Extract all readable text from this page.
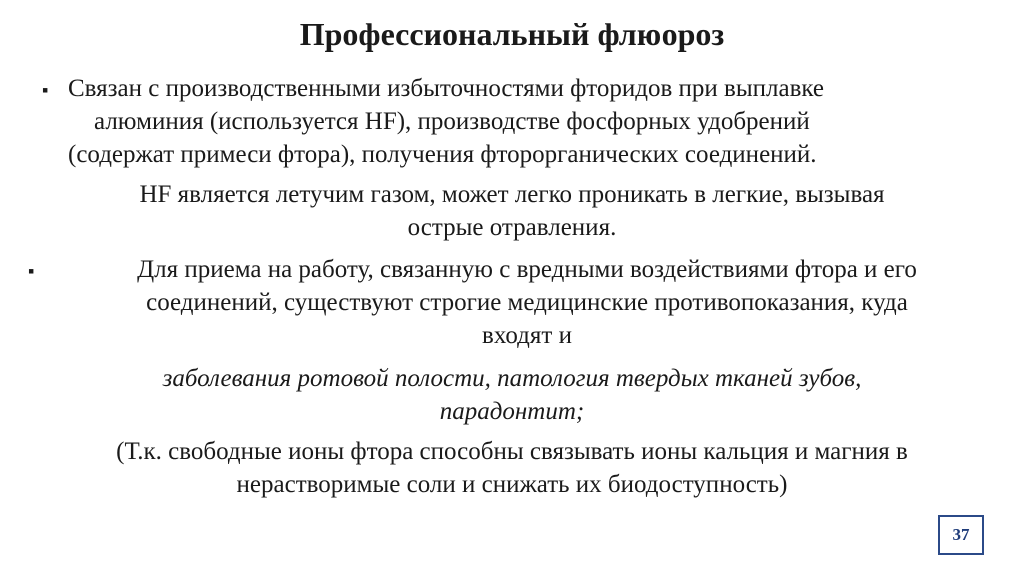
Профессиональный флюороз
▪ Связан с производственными избыточностями фторидов при выплавке
алюминия (используется HF), производстве фосфорных удобрений
(содержат примеси фтора), получения фторорганических соединений.
HF является летучим газом, может легко проникать в легкие, вызывая
острые отравления.
▪	Для приема на работу, связанную с вредными воздействиями фтора и его
соединений, существуют строгие медицинские противопоказания, куда
входят и
заболевания ротовой полости, патология твердых тканей зубов,
парадонтит;
(Т.к. свободные ионы фтора способны связывать ионы кальция и магния в
нерастворимые соли и снижать их биодоступность)
37
